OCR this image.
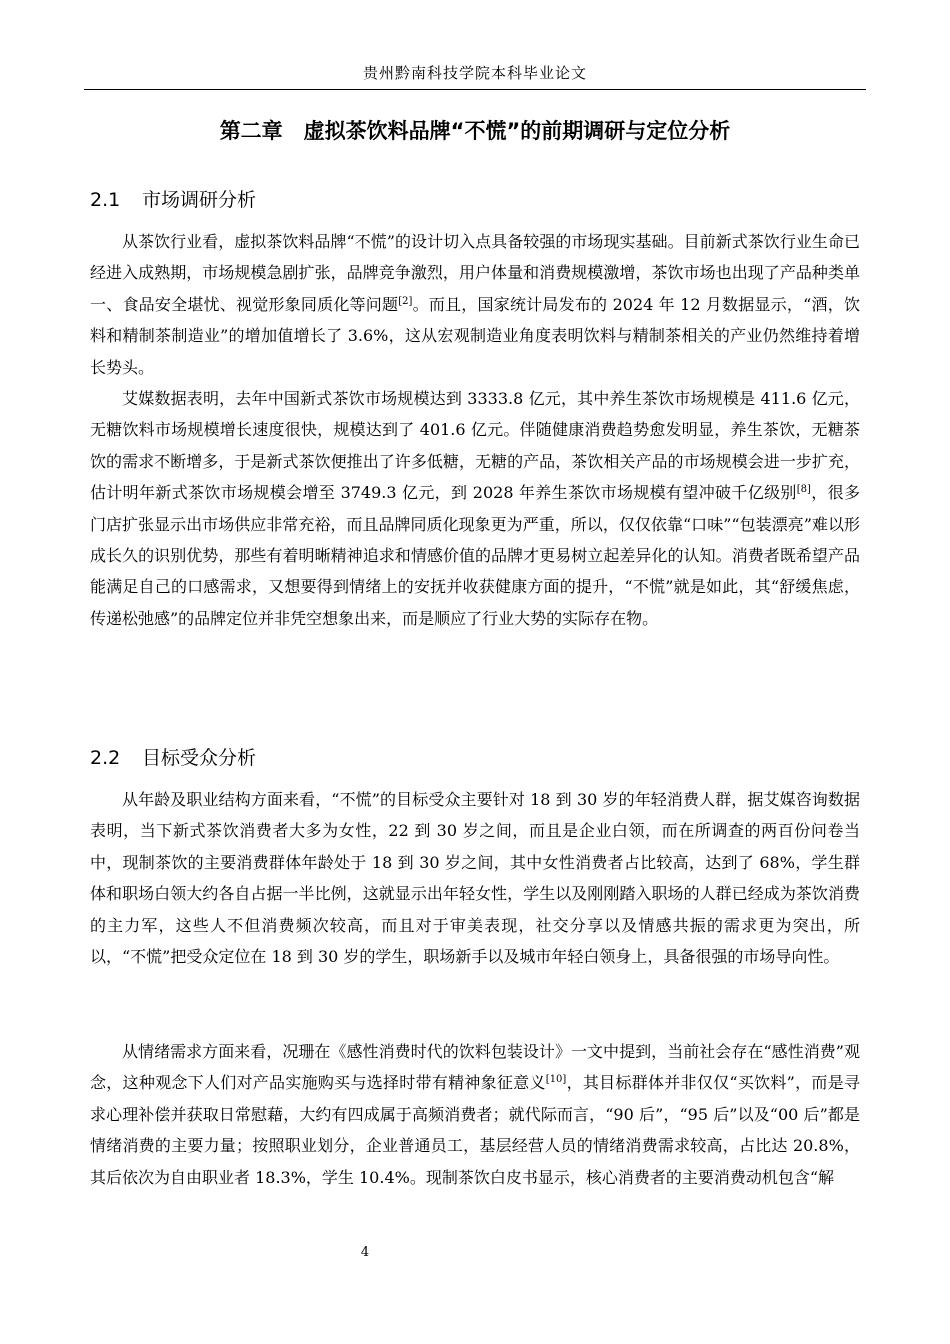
贵州黔南科技学院本科毕业论文
第二章　虚拟茶饮料品牌“不慌”的前期调研与定位分析
2.1 市场调研分析

从茶饮行业看，虚拟茶饮料品牌“不慌”的设计切入点具备较强的市场现实基础。目前新式茶饮行业生命已经进入成熟期，市场规模急剧扩张，品牌竞争激烈，用户体量和消费规模激增，茶饮市场也出现了产品种类单一、食品安全堪忧、视觉形象同质化等问题[2]。而且，国家统计局发布的 2024 年 12 月数据显示，“酒，饮料和精制茶制造业”的增加值增长了 3.6%，这从宏观制造业角度表明饮料与精制茶相关的产业仍然维持着增长势头。

艾媒数据表明，去年中国新式茶饮市场规模达到 3333.8 亿元，其中养生茶饮市场规模是 411.6 亿元，无糖饮料市场规模增长速度很快，规模达到了 401.6 亿元。伴随健康消费趋势愈发明显，养生茶饮，无糖茶饮的需求不断增多，于是新式茶饮便推出了许多低糖，无糖的产品，茶饮相关产品的市场规模会进一步扩充，估计明年新式茶饮市场规模会增至 3749.3 亿元，到 2028 年养生茶饮市场规模有望冲破千亿级别[8]，很多门店扩张显示出市场供应非常充裕，而且品牌同质化现象更为严重，所以，仅仅依靠“口味”“包装漂亮”难以形成长久的识别优势，那些有着明晰精神追求和情感价值的品牌才更易树立起差异化的认知。消费者既希望产品能满足自己的口感需求，又想要得到情绪上的安抚并收获健康方面的提升，“不慌”就是如此，其“舒缓焦虑，传递松弛感”的品牌定位并非凭空想象出来，而是顺应了行业大势的实际存在物。

2.2 目标受众分析

从年龄及职业结构方面来看，“不慌”的目标受众主要针对 18 到 30 岁的年轻消费人群，据艾媒咨询数据表明，当下新式茶饮消费者大多为女性，22 到 30 岁之间，而且是企业白领，而在所调查的两百份问卷当中，现制茶饮的主要消费群体年龄处于 18 到 30 岁之间，其中女性消费者占比较高，达到了 68%，学生群体和职场白领大约各自占据一半比例，这就显示出年轻女性，学生以及刚刚踏入职场的人群已经成为茶饮消费的主力军，这些人不但消费频次较高，而且对于审美表现，社交分享以及情感共振的需求更为突出，所以，“不慌”把受众定位在 18 到 30 岁的学生，职场新手以及城市年轻白领身上，具备很强的市场导向性。

从情绪需求方面来看，况珊在《感性消费时代的饮料包装设计》一文中提到，当前社会存在“感性消费”观念，这种观念下人们对产品实施购买与选择时带有精神象征意义[10]，其目标群体并非仅仅“买饮料”，而是寻求心理补偿并获取日常慰藉，大约有四成属于高频消费者；就代际而言，“90 后”，“95 后”以及“00 后”都是情绪消费的主要力量；按照职业划分，企业普通员工，基层经营人员的情绪消费需求较高，占比达 20.8%，其后依次为自由职业者 18.3%，学生 10.4%。现制茶饮白皮书显示，核心消费者的主要消费动机包含“解

4
